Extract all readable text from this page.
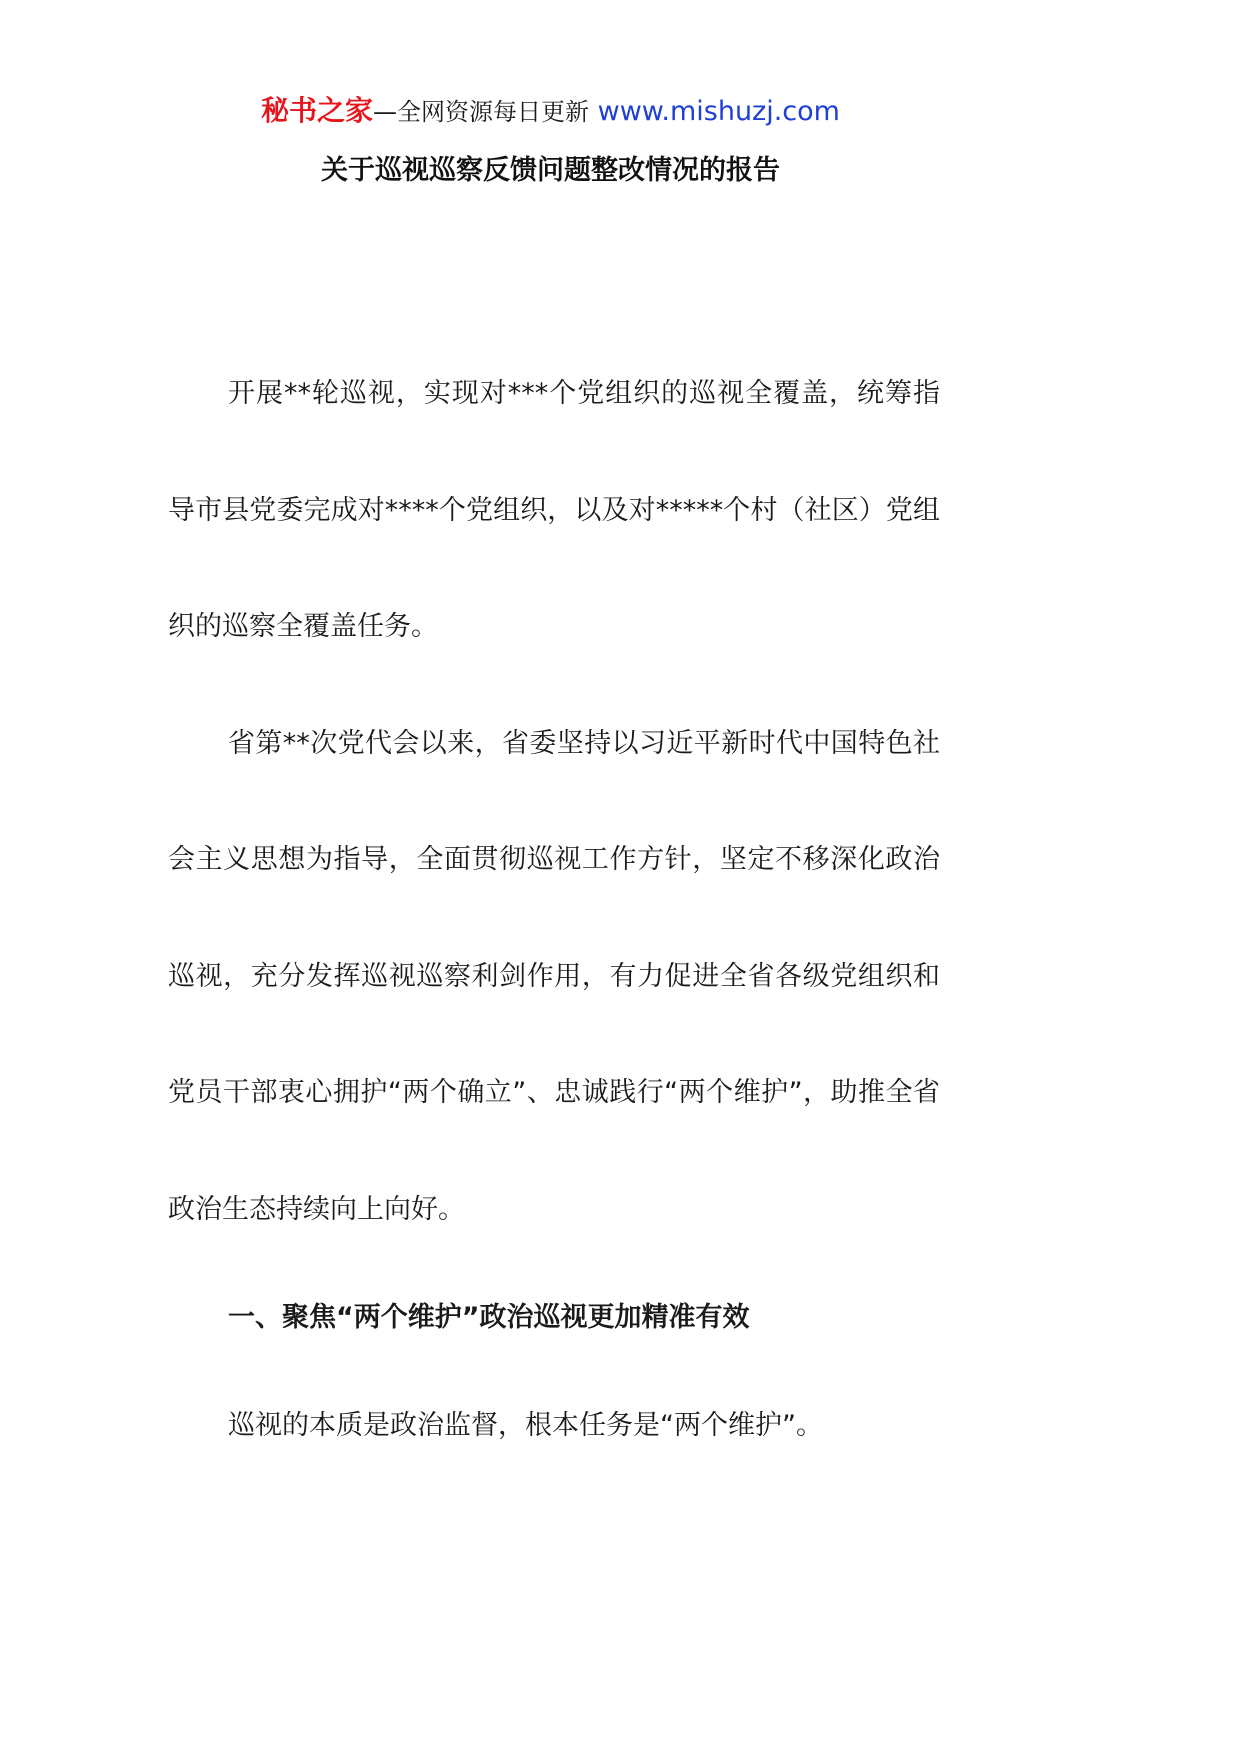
秘书之家—全网资源每日更新 www.mishuzj.com
关于巡视巡察反馈问题整改情况的报告

开展**轮巡视，实现对***个党组织的巡视全覆盖，统筹指导市县党委完成对****个党组织，以及对*****个村（社区）党组织的巡察全覆盖任务。

省第**次党代会以来，省委坚持以习近平新时代中国特色社会主义思想为指导，全面贯彻巡视工作方针，坚定不移深化政治巡视，充分发挥巡视巡察利剑作用，有力促进全省各级党组织和党员干部衷心拥护“两个确立”、忠诚践行“两个维护”，助推全省政治生态持续向上向好。

一、聚焦“两个维护”政治巡视更加精准有效

巡视的本质是政治监督，根本任务是“两个维护”。
